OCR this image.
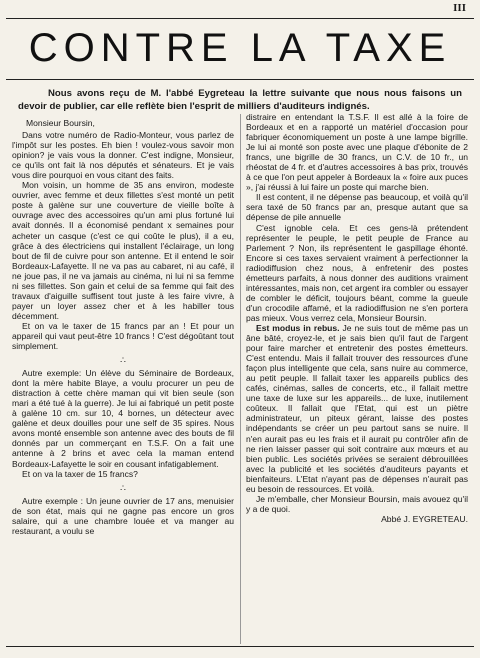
III
CONTRE LA TAXE

Nous avons reçu de M. l'abbé Eygreteau la lettre suivante que nous nous faisons un devoir de publier, car elle reflète bien l'esprit de milliers d'auditeurs indignés.

Monsieur Boursin,

Dans votre numéro de Radio-Monteur, vous parlez de l'impôt sur les postes. Eh bien ! voulez-vous savoir mon opinion? je vais vous la donner. C'est indigne, Monsieur, ce qu'ils ont fait là nos députés et sénateurs. Et je vais vous dire pourquoi en vous citant des faits.

Mon voisin, un homme de 35 ans environ, modeste ouvrier, avec femme et deux fillettes s'est monté un petit poste à galène sur une couverture de vieille boîte à ouvrage avec des accessoires qu'un ami plus fortuné lui avait donnés. Il a économisé pendant x semaines pour acheter un casque (c'est ce qui coûte le plus), il a eu, grâce à des électriciens qui installent l'éclairage, un long bout de fil de cuivre pour son antenne. Et il entend le soir Bordeaux-Lafayette. Il ne va pas au cabaret, ni au café, il ne joue pas, il ne va jamais au cinéma, ni lui ni sa femme ni ses fillettes. Son gain et celui de sa femme qui fait des travaux d'aiguille suffisent tout juste à les faire vivre, à payer un loyer assez cher et à les habiller tous décemment.

Et on va le taxer de 15 francs par an ! Et pour un appareil qui vaut peut-être 10 francs ! C'est dégoûtant tout simplement.

∴

Autre exemple: Un élève du Séminaire de Bordeaux, dont la mère habite Blaye, a voulu procurer un peu de distraction à cette chère maman qui vit bien seule (son mari a été tué à la guerre). Je lui ai fabriqué un petit poste à galène 10 cm. sur 10, 4 bornes, un détecteur avec galène et deux douilles pour une self de 35 spires. Nous avons monté ensemble son antenne avec des bouts de fil donnés par un commerçant en T.S.F. On a fait une antenne à 2 brins et avec cela la maman entend Bordeaux-Lafayette le soir en cousant infatigablement.

Et on va la taxer de 15 francs?

∴

Autre exemple : Un jeune ouvrier de 17 ans, menuisier de son état, mais qui ne gagne pas encore un gros salaire, qui a une chambre louée et va manger au restaurant, a voulu se

distraire en entendant la T.S.F. Il est allé à la foire de Bordeaux et en a rapporté un matériel d'occasion pour fabriquer économiquement un poste à une lampe bigrille. Je lui ai monté son poste avec une plaque d'ébonite de 2 francs, une bigrille de 30 francs, un C.V. de 10 fr., un rhéostat de 4 fr. et d'autres accessoires à bas prix, trouvés à ce que l'on peut appeler à Bordeaux la « foire aux puces », j'ai réussi à lui faire un poste qui marche bien.

Il est content, il ne dépense pas beaucoup, et voilà qu'il sera taxé de 50 francs par an, presque autant que sa dépense de pile annuelle

C'est ignoble cela. Et ces gens-là prétendent représenter le peuple, le petit peuple de France au Parlement ? Non, ils représentent le gaspillage éhonté. Encore si ces taxes servaient vraiment à perfectionner la radiodiffusion chez nous, à enfretenir des postes émetteurs parfaits, à nous donner des auditions vraiment intéressantes, mais non, cet argent ira combler ou essayer de combler le déficit, toujours béant, comme la gueule d'un crocodile affamé, et la radiodiffusion ne s'en portera pas mieux. Vous verrez cela, Monsieur Boursin.

Est modus in rebus. Je ne suis tout de même pas un âne bâté, croyez-le, et je sais bien qu'il faut de l'argent pour faire marcher et entretenir des postes émetteurs. C'est entendu. Mais il fallait trouver des ressources d'une façon plus intelligente que cela, sans nuire au commerce, au petit peuple. Il fallait taxer les appareils publics des cafés, cinémas, salles de concerts, etc., il fallait mettre une taxe de luxe sur les appareils... de luxe, inutilement coûteux. Il fallait que l'Etat, qui est un piètre administrateur, un piteux gérant, laisse des postes indépendants se créer un peu partout sans se nuire. Il n'en aurait pas eu les frais et il aurait pu contrôler afin de ne rien laisser passer qui soit contraire aux mœurs et au bien public. Les sociétés privées se seraient débrouillées avec la publicité et les sociétés d'auditeurs payants et bienfaiteurs. L'Etat n'ayant pas de dépenses n'aurait pas eu besoin de ressources. Et voilà.

Je m'emballe, cher Monsieur Boursin, mais avouez qu'il y a de quoi.

Abbé J. EYGRETEAU.
